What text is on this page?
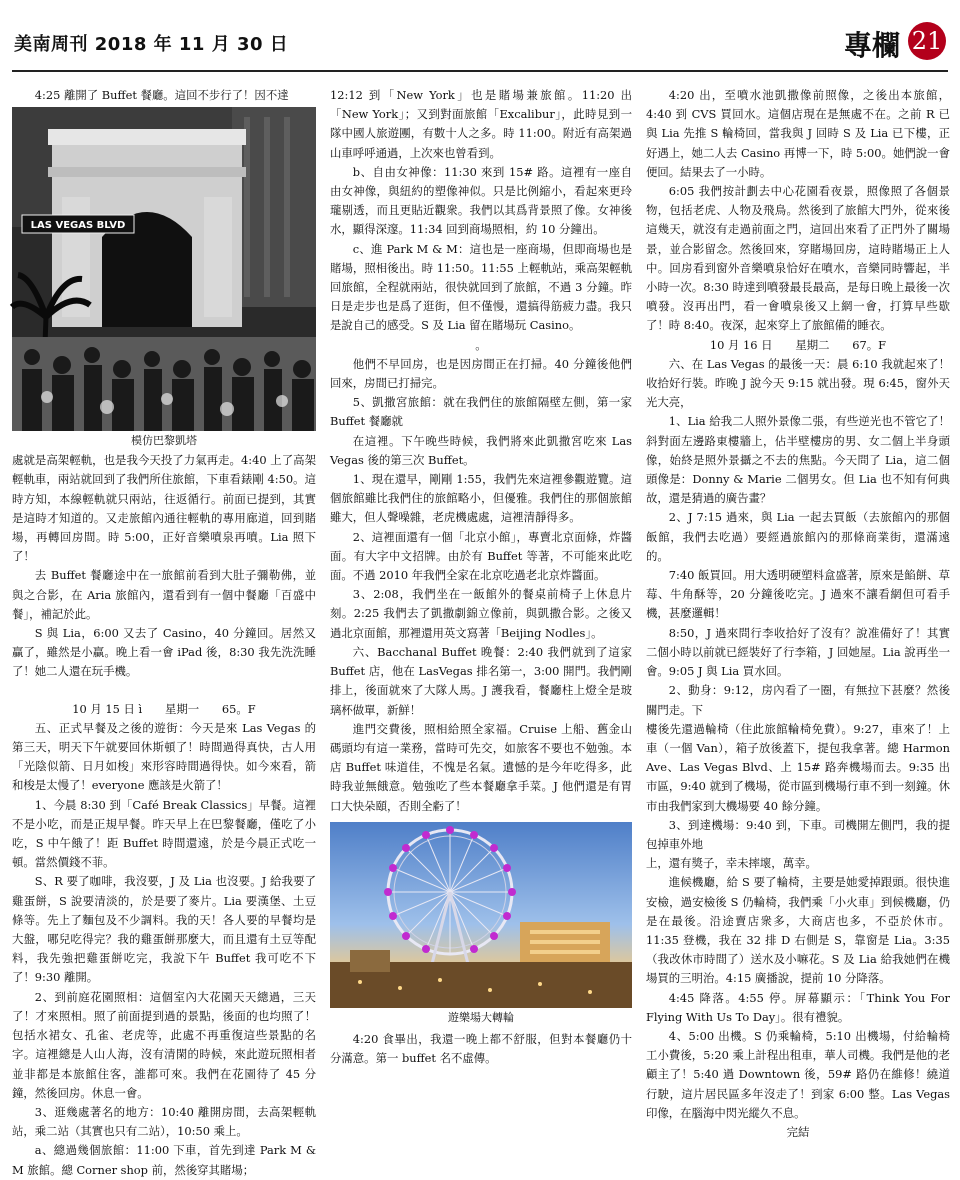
美南周刊 2018 年 11 月 30 日	專欄 21

4:25 離開了 Buffet 餐廳。這回不步行了！因不達

LAS VEGAS BLVD
模仿巴黎凱塔

處就是高架輕軌，也是我今天投了力氣再走。4:40 上了高架輕軌車，兩站就回到了我們所住旅館，下車看錶剛 4:50。這時方知，本線輕軌就只兩站，往返循行。前面已提到，其實是這時才知道的。又走旅館內通往輕軌的專用廊道，回到賭場，再轉回房間。時 5:00，正好音樂噴泉再噴。Lia 照下了！

去 Buffet 餐廳途中在一旅館前看到大肚子彌勒佛，並與之合影，在 Aria 旅館內，還看到有一個中餐廳「百盛中餐」，補記於此。

S 與 Lia，6:00 又去了 Casino，40 分鐘回。居然又贏了，雖然是小贏。晚上看一會 iPad 後，8:30 我先洗洗睡了！她二人還在玩手機。

10 月 15 日 ì　　星期一　　65。F

五、正式早餐及之後的遊街：今天是來 Las Vegas 的第三天，明天下午就要回休斯頓了！時間過得真快，古人用「光陰似箭、日月如梭」來形容時間過得快。如今來看，箭和梭是太慢了！everyone 應該是火箭了！

1、今晨 8:30 到「Café Break Classics」早餐。這裡不是小吃，而是正規早餐。昨天早上在巴黎餐廳，僅吃了小吃，S 中午餓了！距 Buffet 時間還遠，於是今晨正式吃一頓。當然價錢不菲。

S、R 要了咖啡，我沒要，J 及 Lia 也沒要。J 給我要了雞蛋餅，S 說要清淡的，於是要了麥片。Lia 要漢堡、土豆條等。先上了麵包及不少調料。我的天！各人要的早餐均是大盤，哪兒吃得完？我的雞蛋餅那麼大，而且還有土豆等配料，我先強把雞蛋餅吃完，我說下午 Buffet 我可吃不下了！9:30 離開。

2、到前庭花園照相：這個室內大花園天天總過，三天了！才來照相。照了前面提到過的景點，後面的也均照了！包括水裙女、孔雀、老虎等，此處不再重復這些景點的名字。這裡總是人山人海，沒有清閑的時候，來此遊玩照相者並非都是本旅館住客，誰都可來。我們在花園待了 45 分鐘，然後回房。休息一會。

3、逛幾處著名的地方：10:40 離開房間，去高架輕軌站，乘二站（其實也只有二站），10:50 乘上。

a、總過幾個旅館：11:00 下車，首先到達 Park M & M 旅館。總 Corner shop 前，然後穿其賭場；

12:12 到「New York」也是賭場兼旅館。11:20 出「New York」；又到對面旅館「Excalibur」，此時見到一隊中國人旅遊團，有數十人之多。時 11:00。附近有高架過山車呼呼通過，上次來也曾看到。

b、自由女神像：11:30 來到 15# 路。這裡有一座自由女神像，與紐約的塑像神似。只是比例縮小，看起來更玲瓏剔透，而且更貼近觀衆。我們以其爲背景照了像。女神後水，顯得深邃。11:34 回到商場照相，約 10 分鐘出。

c、進 Park M & M：這也是一座商場，但即商場也是賭場，照相後出。時 11:50。11:55 上輕軌站，乘高架輕軌回旅館，全程就兩站，很快就回到了旅館，不過 3 分鐘。昨日是走步也是爲了逛街，但不僅慢，還搞得筋疲力盡。我只是說自己的感受。S 及 Lia 留在賭場玩 Casino。

。

他們不早回房，也是因房間正在打掃。40 分鐘後他們回來，房間已打掃完。

5、凱撒宮旅館：就在我們住的旅館隔壁左側，第一家 Buffet 餐廳就

在這裡。下午晚些時候，我們將來此凱撒宮吃來 Las Vegas 後的第三次 Buffet。

1、現在還早，剛剛 1:55，我們先來這裡參觀遊覽。這個旅館雖比我們住的旅館略小，但優雅。我們住的那個旅館雖大，但人聲噪雜，老虎機處處，這裡清靜得多。

2、這裡面還有一個「北京小館」，專賣北京面條，炸醬面。有大字中文招牌。由於有 Buffet 等著，不可能來此吃面。不過 2010 年我們全家在北京吃過老北京炸醬面。

3、2:08，我們坐在一飯館外的餐桌前椅子上休息片刻。2:25 我們去了凱撒劇錦立像前，與凱撒合影。之後又過北京面館，那裡還用英文寫著「Beijing Nodles」。

六、Bacchanal Buffet 晚餐：2:40 我們就到了這家 Buffet 店，他在 LasVegas 排名第一，3:00 開門。我們剛排上，後面就來了大隊人馬。J 護我看，餐廳柱上燈全是玻璃杯做單，新鮮！

進門交費後，照相給照全家福。Cruise 上船、舊金山碼頭均有這一業務，當時可先交，如旅客不要也不勉強。本店 Buffet 味道佳，不愧是名氣。遺憾的是今年吃得多，此時我並無餓意。勉強吃了些本餐廳拿手菜。J 他們還是有胃口大快朵頤，否則全虧了！

遊樂場大轉輪

4:20 食畢出，我還一晚上都不舒服，但對本餐廳仍十分滿意。第一 buffet 名不虛傳。

4:20 出，至噴水池凱撒像前照像，之後出本旅館，4:40 到 CVS 買回水。這個店現在是無處不在。之前 R 已與 Lia 先推 S 輪椅回，當我與 J 回時 S 及 Lia 已下樓，正好遇上，她二人去 Casino 再博一下，時 5:00。她們說一會便回。結果去了一小時。

6:05 我們按計劃去中心花園看夜景，照像照了各個景物，包括老虎、人物及飛鳥。然後到了旅館大門外，從來後這幾天，就沒有走過前面之門，這回出來看了正門外了關場景，並合影留念。然後回來，穿賭場回房，這時賭場正上人中。回房看到窗外音樂噴泉恰好在噴水，音樂同時響起，半小時一次。8:30 時達到噴發最長最高，是每日晚上最後一次噴發。沒再出門，看一會噴泉後又上網一會，打算早些歇了！時 8:40。夜深，起來穿上了旅館備的睡衣。

10 月 16 日　　星期二　　67。F

六、在 Las Vegas 的最後一天：晨 6:10 我就起來了！收拾好行裝。昨晚 J 說今天 9:15 就出發。現 6:45，窗外天光大亮，

1、Lia 給我二人照外景像二張，有些逆光也不管它了！斜對面左邊路東樓牆上，佔半壁樓房的男、女二個上半身頭像，始終是照外景攝之不去的焦點。今天問了 Lia，這二個頭像是：Donny & Marie 二個男女。但 Lia 也不知有何典故，還是猜過的廣告畫？

2、J 7:15 過來，與 Lia 一起去買飯（去旅館內的那個飯館，我們去吃過）要經過旅館內的那條商業街，還滿遠的。

7:40 飯買回。用大透明硬塑料盒盛著，原來是餡餅、草莓、牛角酥等，20 分鐘後吃完。J 過來不讓看網但可看手機，甚麼邏輯！

8:50，J 過來問行李收拾好了沒有？說准備好了！其實二個小時以前就已經裝好了行李箱，J 回她屋。Lia 說再坐一會。9:05 J 與 Lia 買水回。

2、動身：9:12，房內看了一圈，有無拉下甚麼？然後關門走。下

樓後先還過輪椅（住此旅館輪椅免費）。9:27，車來了！上車（一個 Van），箱子放後蓋下，提包我拿著。總 Harmon Ave、Las Vegas Blvd、上 15# 路奔機場而去。9:35 出市區，9:40 就到了機場，從市區到機場行車不到一刻鐘。休市由我們家到大機場要 40 餘分鐘。

3、到達機場：9:40 到，下車。司機開左側門，我的提包掉車外地

上，還有獎子，幸未摔壞，萬幸。

進候機廳，給 S 要了輪椅，主要是她愛掉跟頭。很快進安檢，過安檢後 S 仍輪椅，我們乘「小火車」到候機廳，仍是在最後。沿途賣店衆多，大商店也多，不亞於休市。11:35 登機，我在 32 排 D 右側是 S，靠窗是 Lia。3:35（我改休市時間了）送水及小嘛花。S 及 Lia 給我她們在機場買的三明治。4:15 廣播說，提前 10 分降落。

4:45 降落。4:55 停。屏幕顯示：「Think You For Flying With Us To Day」。很有禮貌。

4、5:00 出機。S 仍乘輪椅，5:10 出機場，付給輪椅工小費後，5:20 乘上計程出租車，華人司機。我們是他的老顧主了！5:40 過 Downtown 後，59# 路仍在維修！繞道行駛，這片居民區多年沒走了！到家 6:00 整。Las Vegas 印像，在腦海中閃光縱久不息。

完結
